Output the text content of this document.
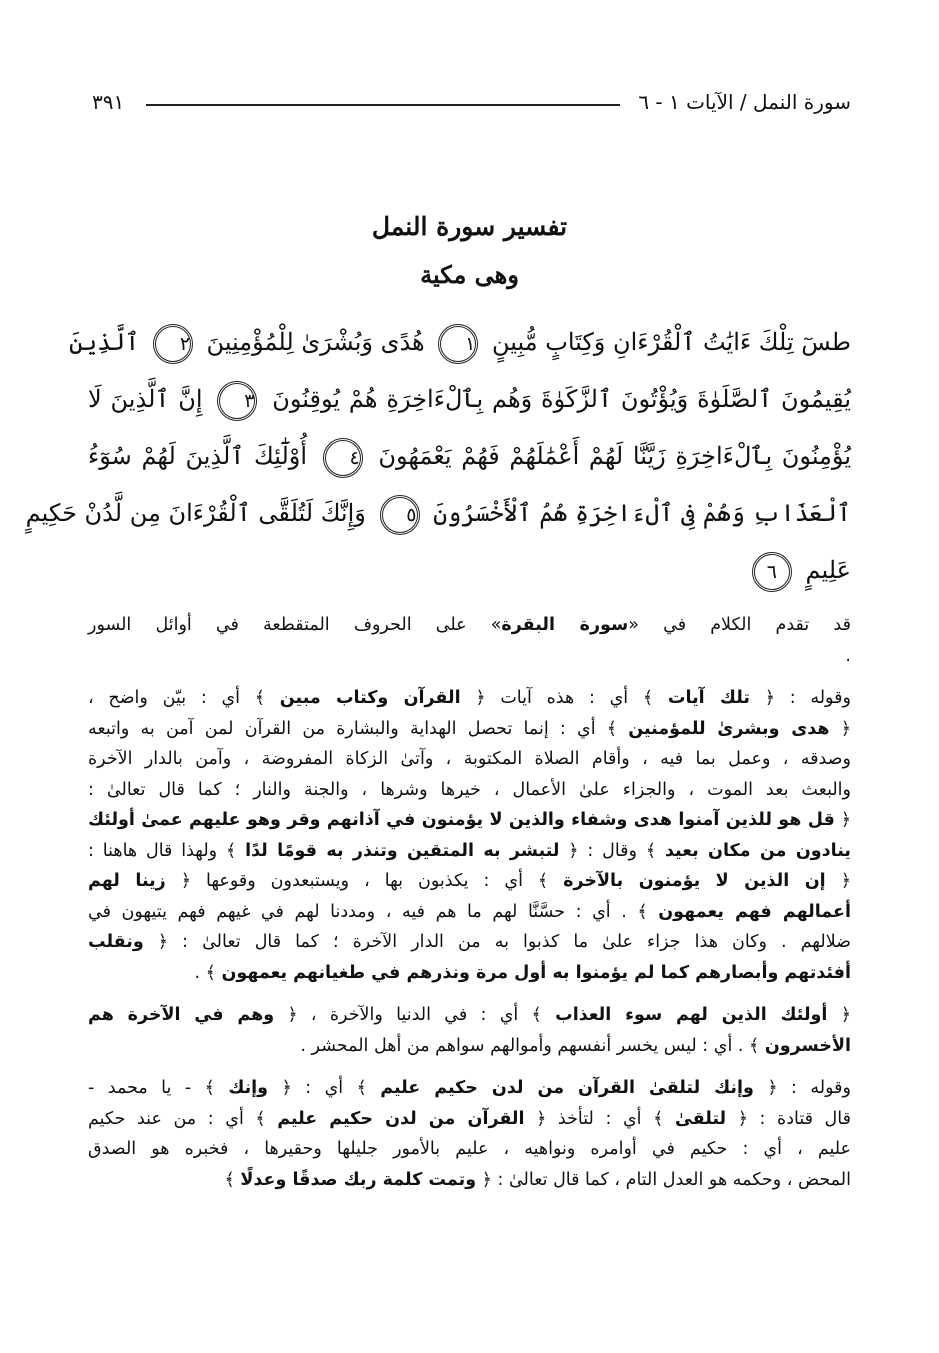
سورة النمل / الآيات ١ - ٦
٣٩١
تفسير سورة النمل
وهى مكية
طسٓ تِلْكَ ءَايَٰتُ ٱلْقُرْءَانِ وَكِتَابٍ مُّبِينٍ ١ هُدًى وَبُشْرَىٰ لِلْمُؤْمِنِينَ ٢ ٱلَّذِينَ
يُقِيمُونَ ٱلصَّلَوٰةَ وَيُؤْتُونَ ٱلزَّكَوٰةَ وَهُم بِٱلْءَاخِرَةِ هُمْ يُوقِنُونَ ٣ إِنَّ ٱلَّذِينَ لَا
يُؤْمِنُونَ بِٱلْءَاخِرَةِ زَيَّنَّا لَهُمْ أَعْمَٰلَهُمْ فَهُمْ يَعْمَهُونَ ٤ أُوْلَٰٓئِكَ ٱلَّذِينَ لَهُمْ سُوٓءُ
ٱلْعَذَابِ وَهُمْ فِى ٱلْءَاخِرَةِ هُمُ ٱلْأَخْسَرُونَ ٥ وَإِنَّكَ لَتُلَقَّى ٱلْقُرْءَانَ مِن لَّدُنْ حَكِيمٍ
عَلِيمٍ ٦
قد تقدم الكلام في «سورة البقرة» على الحروف المتقطعة في أوائل السور
.
وقوله : ﴿ تلك آيات ﴾ أي : هذه آيات ﴿ القرآن وكتاب مبين ﴾ أي : بيّن واضح ،
﴿ هدى وبشرىٰ للمؤمنين ﴾ أي : إنما تحصل الهداية والبشارة من القرآن لمن آمن به واتبعه
وصدقه ، وعمل بما فيه ، وأقام الصلاة المكتوبة ، وآتىٰ الزكاة المفروضة ، وآمن بالدار الآخرة
والبعث بعد الموت ، والجزاء علىٰ الأعمال ، خيرها وشرها ، والجنة والنار ؛ كما قال تعالىٰ :
﴿ قل هو للذين آمنوا هدى وشفاء والذين لا يؤمنون في آذانهم وقر وهو عليهم عمىٰ أولئك
ينادون من مكان بعيد ﴾ وقال : ﴿ لتبشر به المتقين وتنذر به قومًا لدًا ﴾ ولهذا قال هاهنا :
﴿ إن الذين لا يؤمنون بالآخرة ﴾ أي : يكذبون بها ، ويستبعدون وقوعها ﴿ زينا لهم
أعمالهم فهم يعمهون ﴾ . أي : حسَّنَّا لهم ما هم فيه ، ومددنا لهم في غيهم فهم يتيهون في
ضلالهم . وكان هذا جزاء علىٰ ما كذبوا به من الدار الآخرة ؛ كما قال تعالىٰ : ﴿ ونقلب
أفئدتهم وأبصارهم كما لم يؤمنوا به أول مرة ونذرهم في طغيانهم يعمهون ﴾ .
﴿ أولئك الذين لهم سوء العذاب ﴾ أي : في الدنيا والآخرة ، ﴿ وهم في الآخرة هم
الأخسرون ﴾ . أي : ليس يخسر أنفسهم وأموالهم سواهم من أهل المحشر .
وقوله : ﴿ وإنك لتلقىٰ القرآن من لدن حكيم عليم ﴾ أي : ﴿ وإنك ﴾ - يا محمد -
قال قتادة : ﴿ لتلقىٰ ﴾ أي : لتأخذ ﴿ القرآن من لدن حكيم عليم ﴾ أي : من عند حكيم
عليم ، أي : حكيم في أوامره ونواهيه ، عليم بالأمور جليلها وحقيرها ، فخبره هو الصدق
المحض ، وحكمه هو العدل التام ، كما قال تعالىٰ : ﴿ وتمت كلمة ربك صدقًا وعدلًا ﴾
